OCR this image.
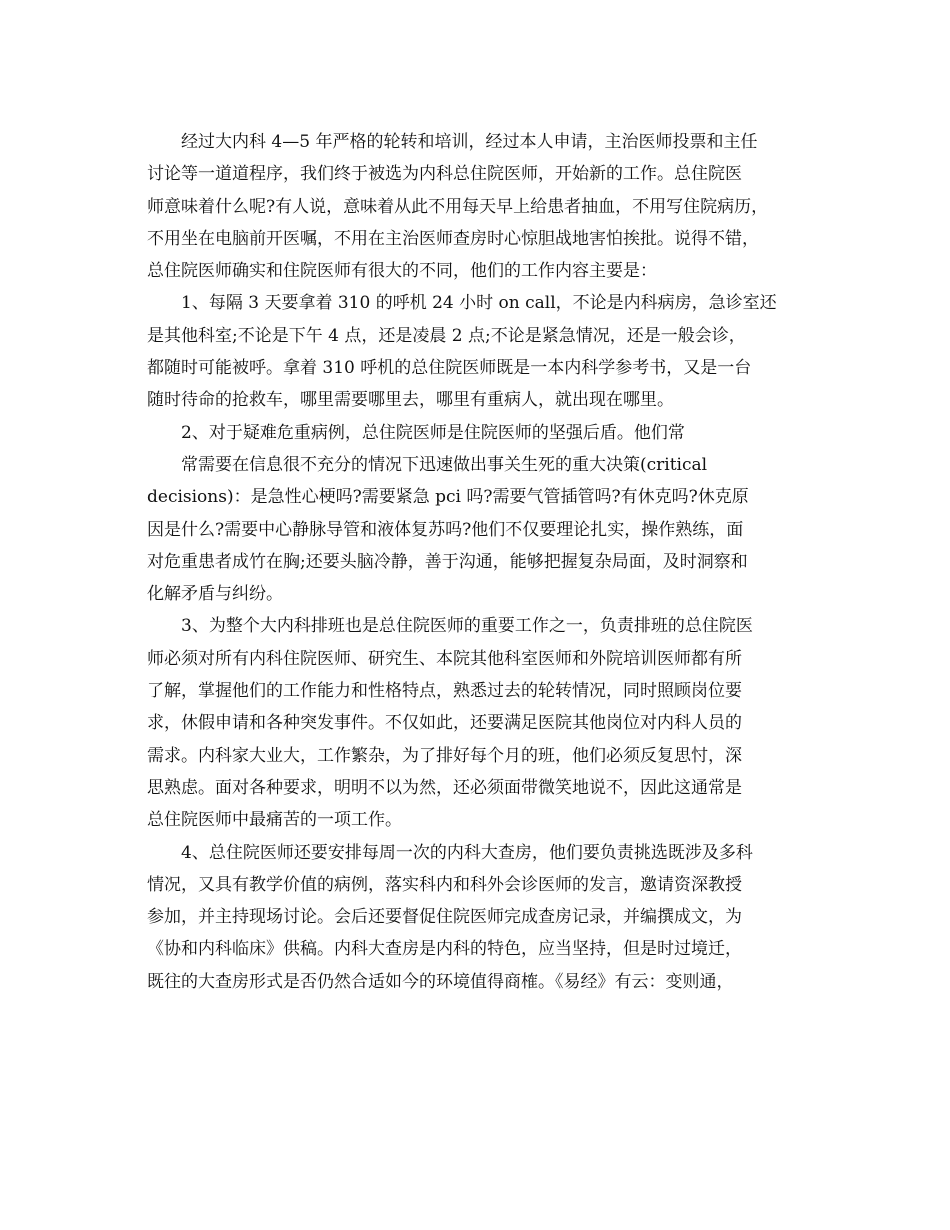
经过大内科 4—5 年严格的轮转和培训，经过本人申请，主治医师投票和主任
讨论等一道道程序，我们终于被选为内科总住院医师，开始新的工作。总住院医
师意味着什么呢?有人说，意味着从此不用每天早上给患者抽血，不用写住院病历，
不用坐在电脑前开医嘱，不用在主治医师查房时心惊胆战地害怕挨批。说得不错，
总住院医师确实和住院医师有很大的不同，他们的工作内容主要是：
1、每隔 3 天要拿着 310 的呼机 24 小时 on call，不论是内科病房，急诊室还
是其他科室;不论是下午 4 点，还是凌晨 2 点;不论是紧急情况，还是一般会诊，
都随时可能被呼。拿着 310 呼机的总住院医师既是一本内科学参考书，又是一台
随时待命的抢救车，哪里需要哪里去，哪里有重病人，就出现在哪里。
2、对于疑难危重病例，总住院医师是住院医师的坚强后盾。他们常
常需要在信息很不充分的情况下迅速做出事关生死的重大决策(critical
decisions)：是急性心梗吗?需要紧急 pci 吗?需要气管插管吗?有休克吗?休克原
因是什么?需要中心静脉导管和液体复苏吗?他们不仅要理论扎实，操作熟练，面
对危重患者成竹在胸;还要头脑冷静，善于沟通，能够把握复杂局面，及时洞察和
化解矛盾与纠纷。
3、为整个大内科排班也是总住院医师的重要工作之一，负责排班的总住院医
师必须对所有内科住院医师、研究生、本院其他科室医师和外院培训医师都有所
了解，掌握他们的工作能力和性格特点，熟悉过去的轮转情况，同时照顾岗位要
求，休假申请和各种突发事件。不仅如此，还要满足医院其他岗位对内科人员的
需求。内科家大业大，工作繁杂，为了排好每个月的班，他们必须反复思忖，深
思熟虑。面对各种要求，明明不以为然，还必须面带微笑地说不，因此这通常是
总住院医师中最痛苦的一项工作。
4、总住院医师还要安排每周一次的内科大查房，他们要负责挑选既涉及多科
情况，又具有教学价值的病例，落实科内和科外会诊医师的发言，邀请资深教授
参加，并主持现场讨论。会后还要督促住院医师完成查房记录，并编撰成文，为
《协和内科临床》供稿。内科大查房是内科的特色，应当坚持，但是时过境迁，
既往的大查房形式是否仍然合适如今的环境值得商榷。《易经》有云：变则通，
